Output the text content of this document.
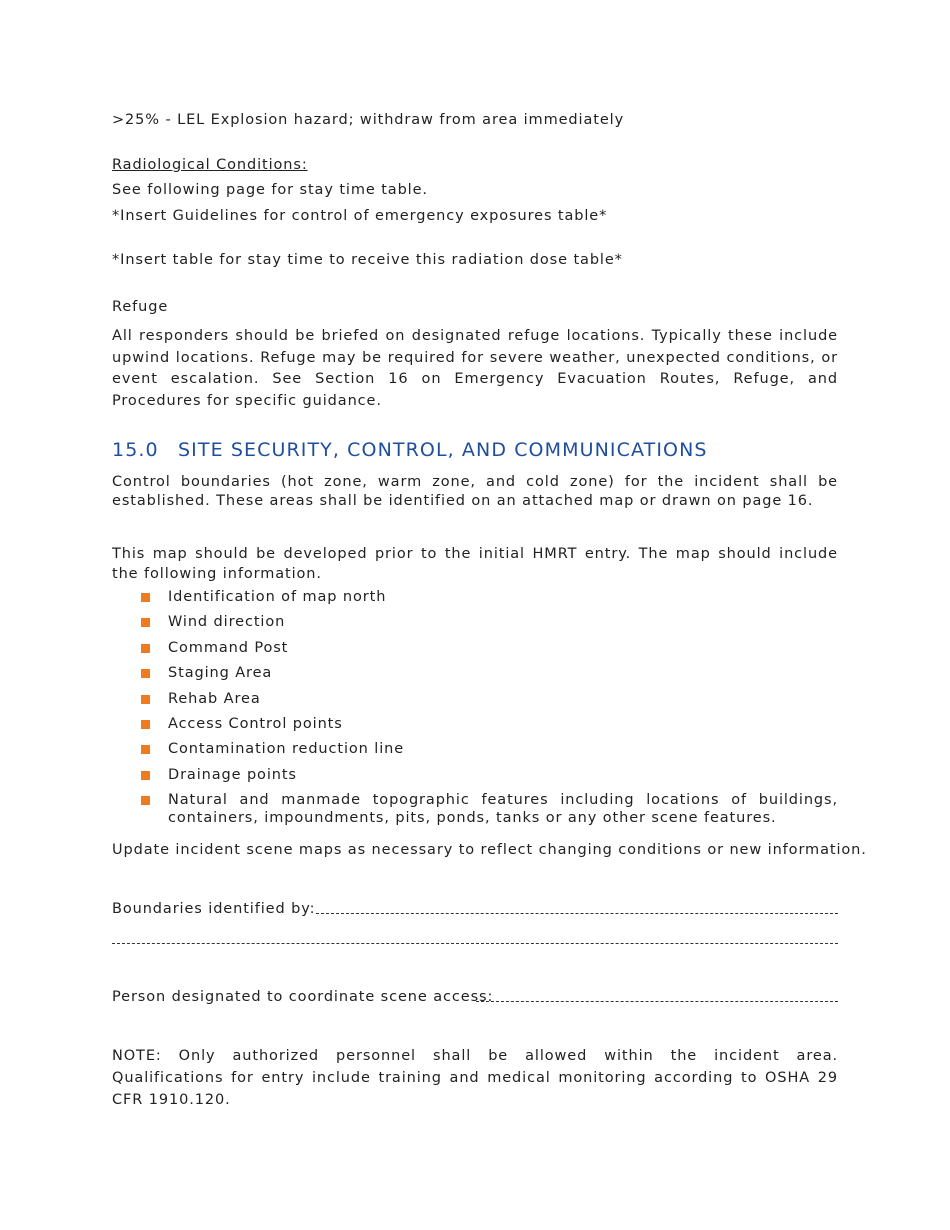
>25% - LEL Explosion hazard; withdraw from area immediately
Radiological Conditions:
See following page for stay time table.
*Insert Guidelines for control of emergency exposures table*
*Insert table for stay time to receive this radiation dose table*
Refuge
All responders should be briefed on designated refuge locations. Typically these include upwind locations. Refuge may be required for severe weather, unexpected conditions, or event escalation. See Section 16 on Emergency Evacuation Routes, Refuge, and Procedures for specific guidance.
15.0 SITE SECURITY, CONTROL, AND COMMUNICATIONS
Control boundaries (hot zone, warm zone, and cold zone) for the incident shall be established. These areas shall be identified on an attached map or drawn on page 16.
This map should be developed prior to the initial HMRT entry. The map should include the following information.
Identification of map north
Wind direction
Command Post
Staging Area
Rehab Area
Access Control points
Contamination reduction line
Drainage points
Natural and manmade topographic features including locations of buildings, containers, impoundments, pits, ponds, tanks or any other scene features.
Update incident scene maps as necessary to reflect changing conditions or new information.
Boundaries identified by:
Person designated to coordinate scene access:
NOTE: Only authorized personnel shall be allowed within the incident area. Qualifications for entry include training and medical monitoring according to OSHA 29 CFR 1910.120.
